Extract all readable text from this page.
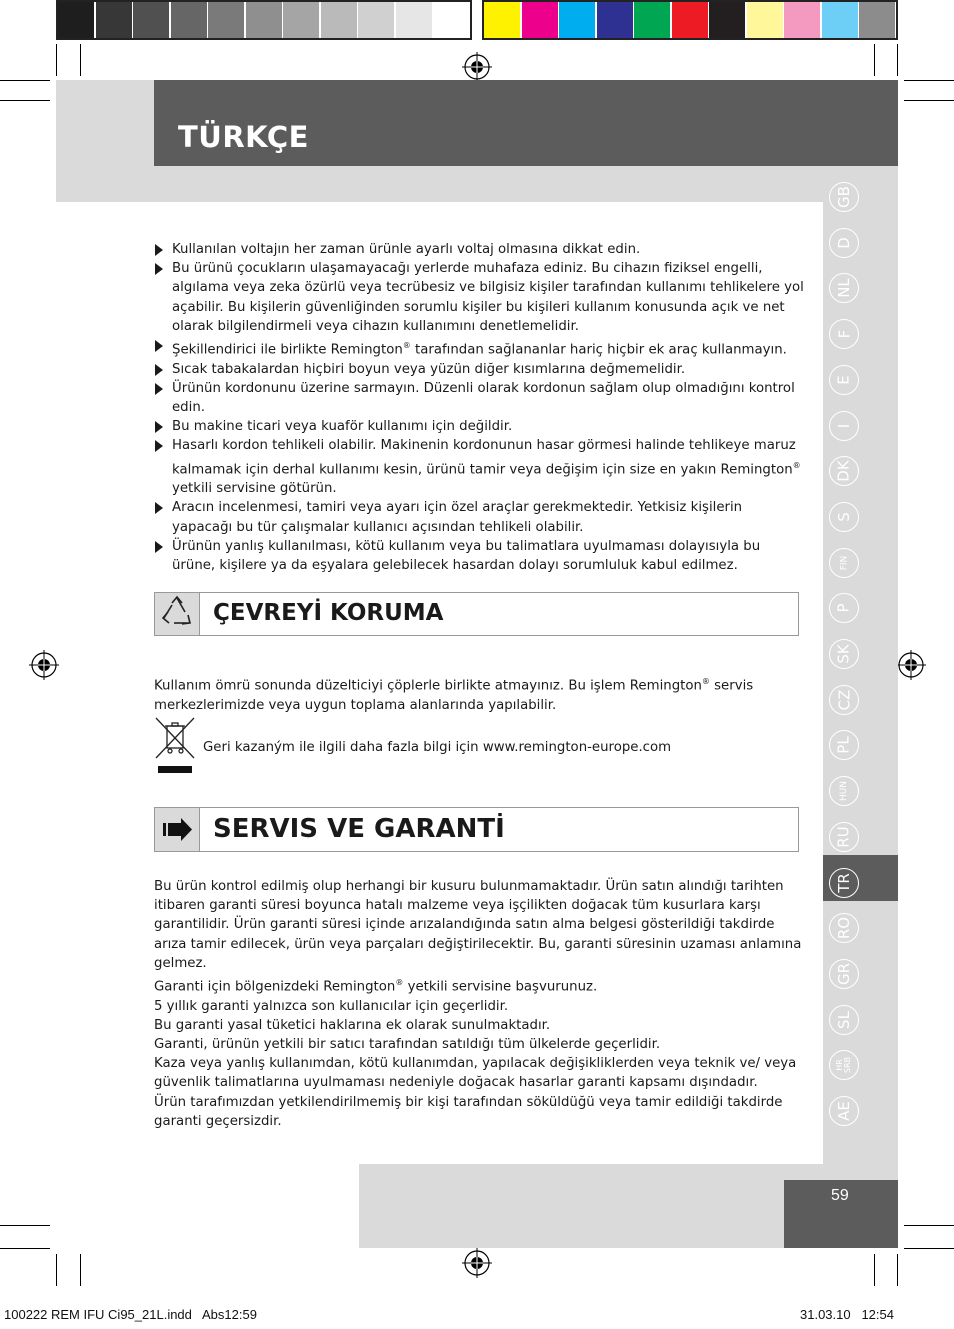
TÜRKÇE
GB
D
NL
F
E
I
DK
S
FIN
P
SK
CZ
PL
HUN
RU
TR
RO
GR
SL
HR SRB
AE
Kullanılan voltajın her zaman ürünle ayarlı voltaj olmasına dikkat edin.
Bu ürünü çocukların ulaşamayacağı yerlerde muhafaza ediniz. Bu cihazın fiziksel engelli, algılama veya zeka özürlü veya tecrübesiz ve bilgisiz kişiler tarafından kullanımı tehlikelere yol açabilir. Bu kişilerin güvenliğinden sorumlu kişiler bu kişileri kullanım konusunda açık ve net olarak bilgilendirmeli veya cihazın kullanımını denetlemelidir.
Şekillendirici ile birlikte Remington® tarafından sağlananlar hariç hiçbir ek araç kullanmayın.
Sıcak tabakalardan hiçbiri boyun veya yüzün diğer kısımlarına değmemelidir.
Ürünün kordonunu üzerine sarmayın. Düzenli olarak kordonun sağlam olup olmadığını kontrol edin.
Bu makine ticari veya kuaför kullanımı için değildir.
Hasarlı kordon tehlikeli olabilir. Makinenin kordonunun hasar görmesi halinde tehlikeye maruz kalmamak için derhal kullanımı kesin, ürünü tamir veya değişim için size en yakın Remington® yetkili servisine götürün.
Aracın incelenmesi, tamiri veya ayarı için özel araçlar gerekmektedir. Yetkisiz kişilerin yapacağı bu tür çalışmalar kullanıcı açısından tehlikeli olabilir.
Ürünün yanlış kullanılması, kötü kullanım veya bu talimatlara uyulmaması dolayısıyla bu ürüne, kişilere ya da eşyalara gelebilecek hasardan dolayı sorumluluk kabul edilmez.
ÇEVREYİ KORUMA
Kullanım ömrü sonunda düzelticiyi çöplerle birlikte atmayınız. Bu işlem Remington® servis merkezlerimizde veya uygun toplama alanlarında yapılabilir.
Geri kazaným ile ilgili daha fazla bilgi için www.remington-europe.com
SERVIS VE GARANTİ
Bu ürün kontrol edilmiş olup herhangi bir kusuru bulunmamaktadır. Ürün satın alındığı tarihten itibaren garanti süresi boyunca hatalı malzeme veya işçilikten doğacak tüm kusurlara karşı garantilidir. Ürün garanti süresi içinde arızalandığında satın alma belgesi gösterildiği takdirde arıza tamir edilecek, ürün veya parçaları değiştirilecektir. Bu, garanti süresinin uzaması anlamına gelmez.
Garanti için bölgenizdeki Remington® yetkili servisine başvurunuz.
5 yıllık garanti yalnızca son kullanıcılar için geçerlidir.
Bu garanti yasal tüketici haklarına ek olarak sunulmaktadır.
Garanti, ürünün yetkili bir satıcı tarafından satıldığı tüm ülkelerde geçerlidir.
Kaza veya yanlış kullanımdan, kötü kullanımdan, yapılacak değişikliklerden veya teknik ve/ veya güvenlik talimatlarına uyulmaması nedeniyle doğacak hasarlar garanti kapsamı dışındadır.
Ürün tarafımızdan yetkilendirilmemiş bir kişi tarafından söküldüğü veya tamir edildiği takdirde garanti geçersizdir.
59
100222 REM IFU Ci95_21L.indd   Abs12:59	31.03.10   12:54
